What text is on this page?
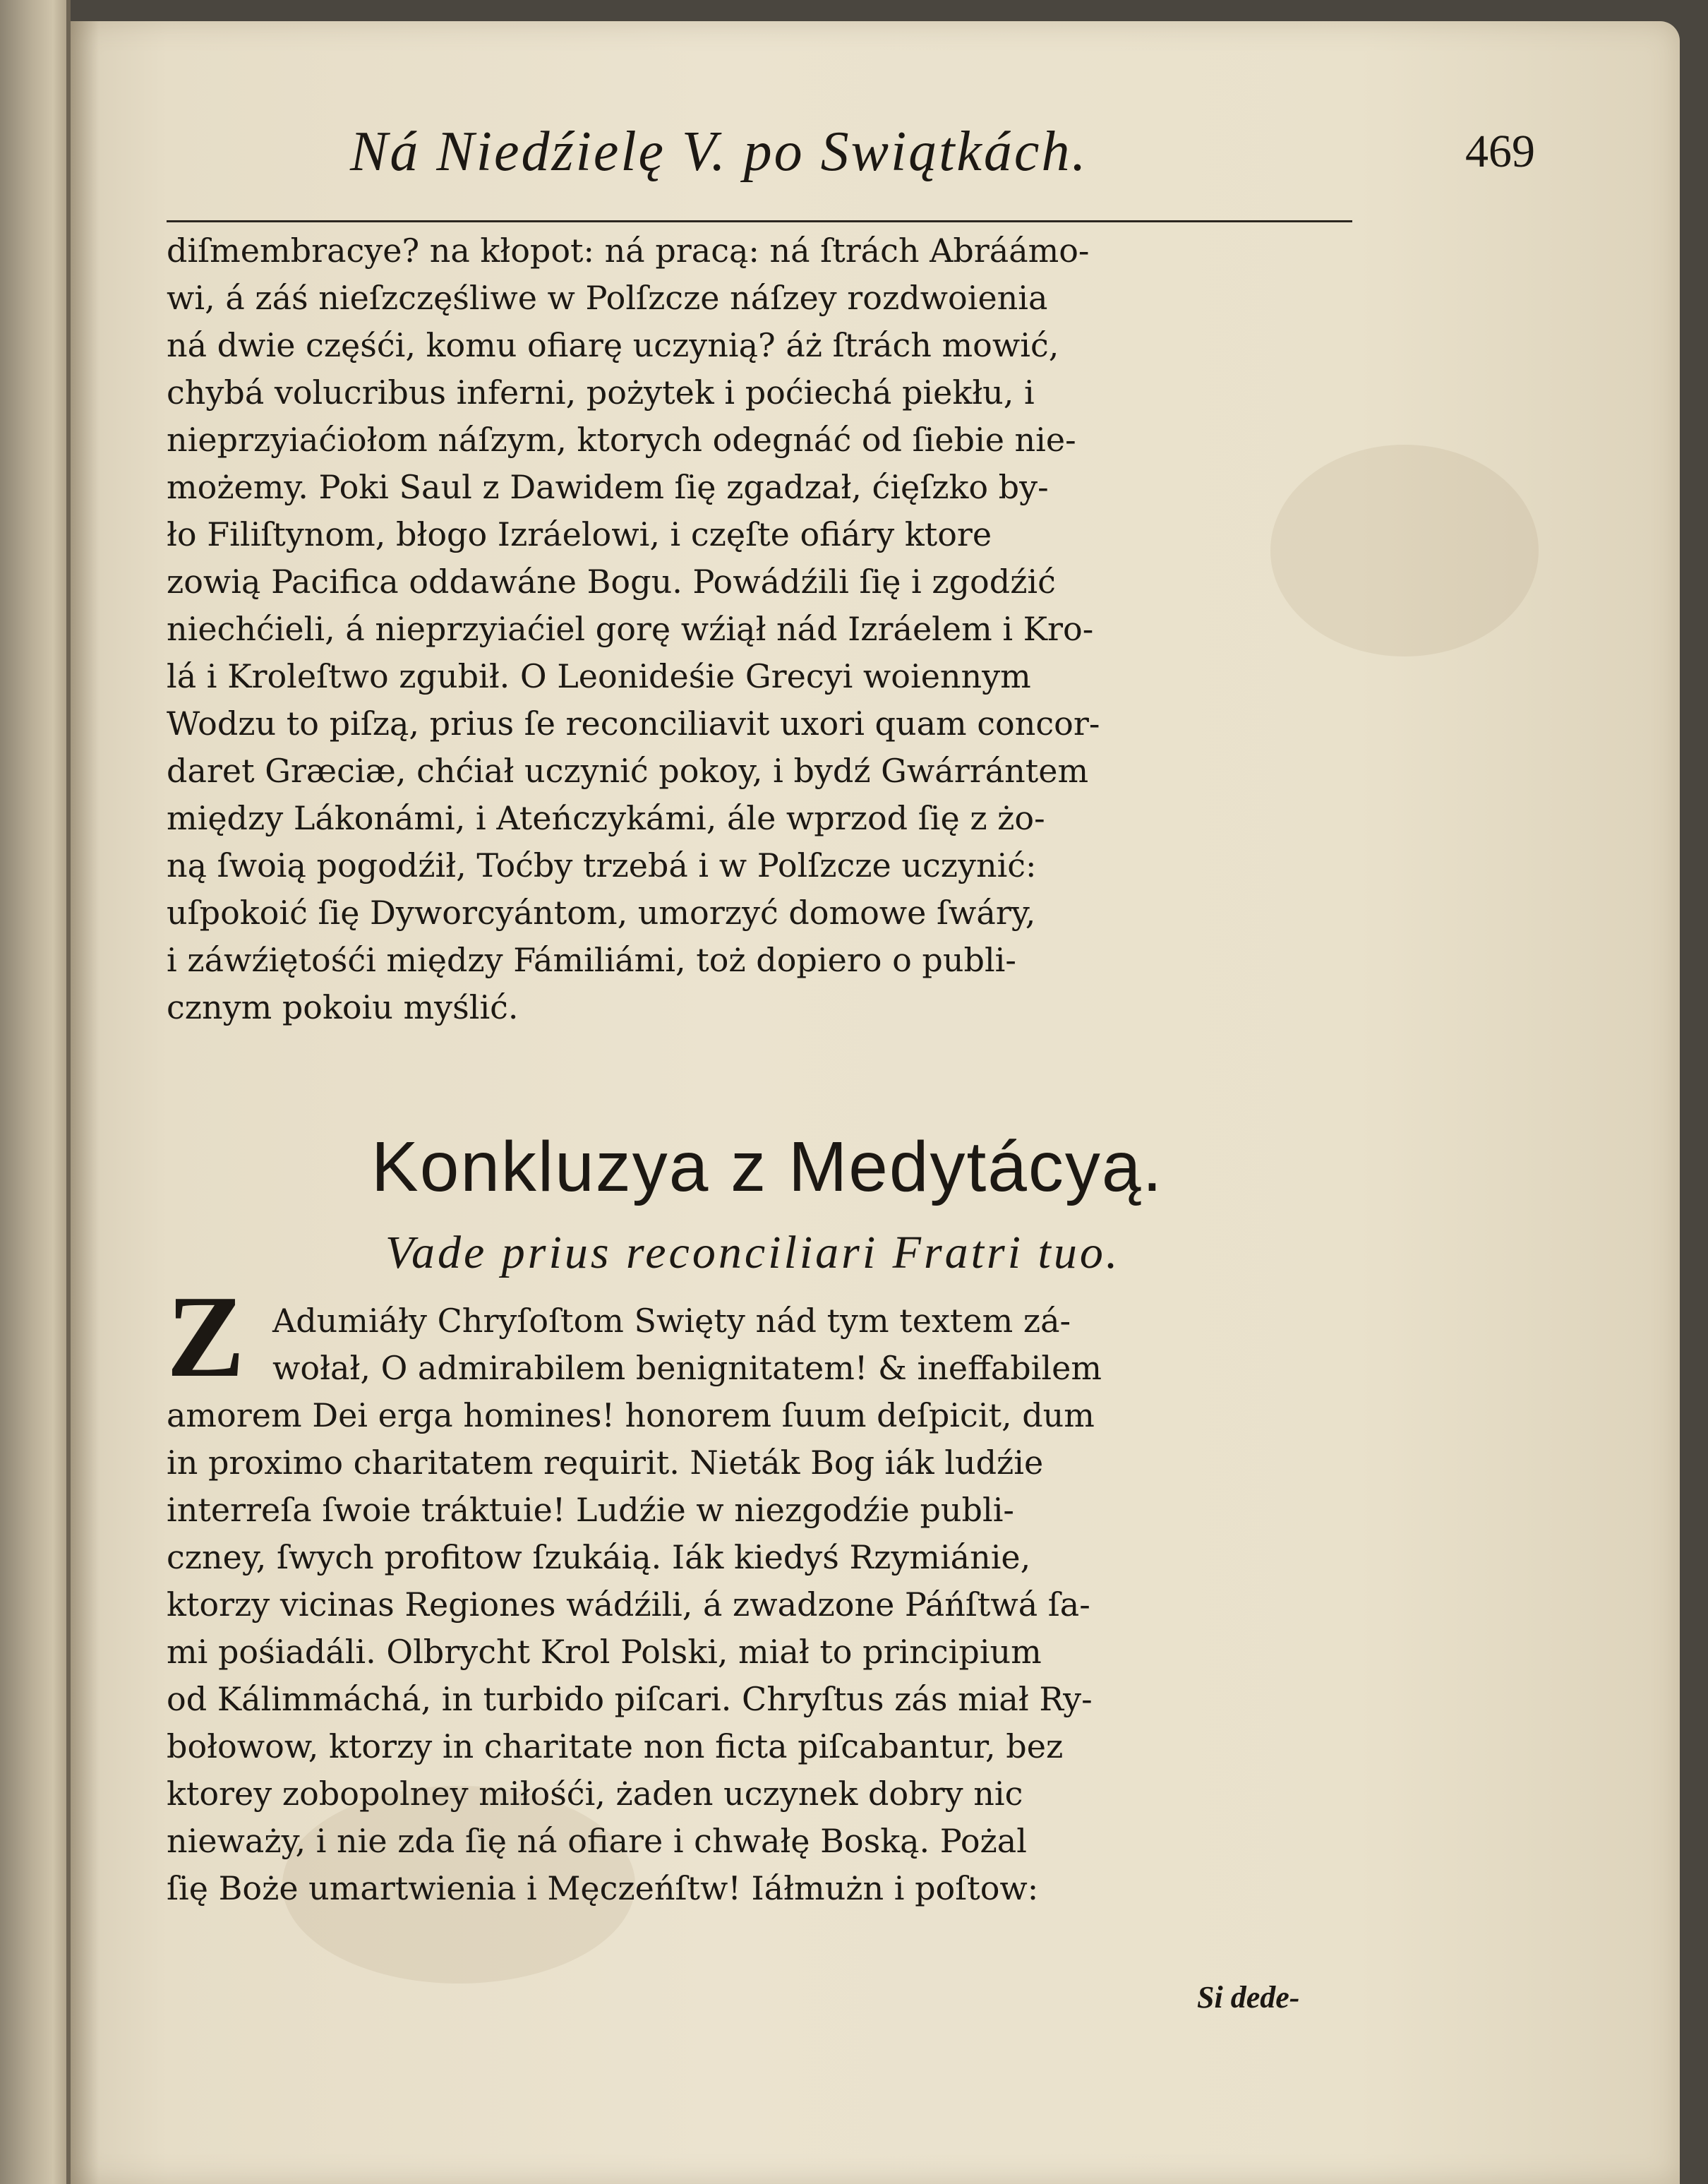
Ná Niedźielę V. po Swiątkách.	469
diſmembracye? na kłopot: ná pracą: ná ſtrách Abráámo-
wi, á záś nieſzczęśliwe w Polſzcze náſzey rozdwoienia
ná dwie częśći, komu ofiarę uczynią? áż ſtrách mowić,
chybá volucribus inferni, pożytek i poćiechá piekłu, i
nieprzyiaćiołom náſzym, ktorych odegnáć od ſiebie nie-
możemy. Poki Saul z Dawidem ſię zgadzał, ćięſzko by-
ło Filiſtynom, błogo Izráelowi, i częſte ofiáry ktore
zowią Pacifica oddawáne Bogu. Powádźili ſię i zgodźić
niechćieli, á nieprzyiaćiel gorę wźiął nád Izráelem i Kro-
lá i Kroleſtwo zgubił. O Leonideśie Grecyi woiennym
Wodzu to piſzą, prius ſe reconciliavit uxori quam concor-
daret Græciæ, chćiał uczynić pokoy, i bydź Gwárrántem
między Lákonámi, i Ateńczykámi, ále wprzod ſię z żo-
ną ſwoią pogodźił, Toćby trzebá i w Polſzcze uczynić:
uſpokoić ſię Dyworcyántom, umorzyć domowe ſwáry,
i záwźiętośći między Fámiliámi, toż dopiero o publi-
cznym pokoiu myślić.
Konkluzya z Medytácyą.
Vade prius reconciliari Fratri tuo.
Z Adumiáły Chryſoſtom Swięty nád tym textem zá-
wołał, O admirabilem benignitatem! & ineffabilem
amorem Dei erga homines! honorem ſuum deſpicit, dum
in proximo charitatem requirit. Nieták Bog iák ludźie
interreſa ſwoie tráktuie! Ludźie w niezgodźie publi-
czney, ſwych profitow ſzukáią. Iák kiedyś Rzymiánie,
ktorzy vicinas Regiones wádźili, á zwadzone Páńſtwá ſa-
mi pośiadáli. Olbrycht Krol Polski, miał to principium
od Kálimmáchá, in turbido piſcari. Chryſtus zás miał Ry-
bołowow, ktorzy in charitate non ficta piſcabantur, bez
ktorey zobopolney miłośći, żaden uczynek dobry nic
nieważy, i nie zda ſię ná ofiare i chwałę Boską. Pożal
ſię Boże umartwienia i Męczeńſtw! Iáłmużn i poſtow:
Si dede-
